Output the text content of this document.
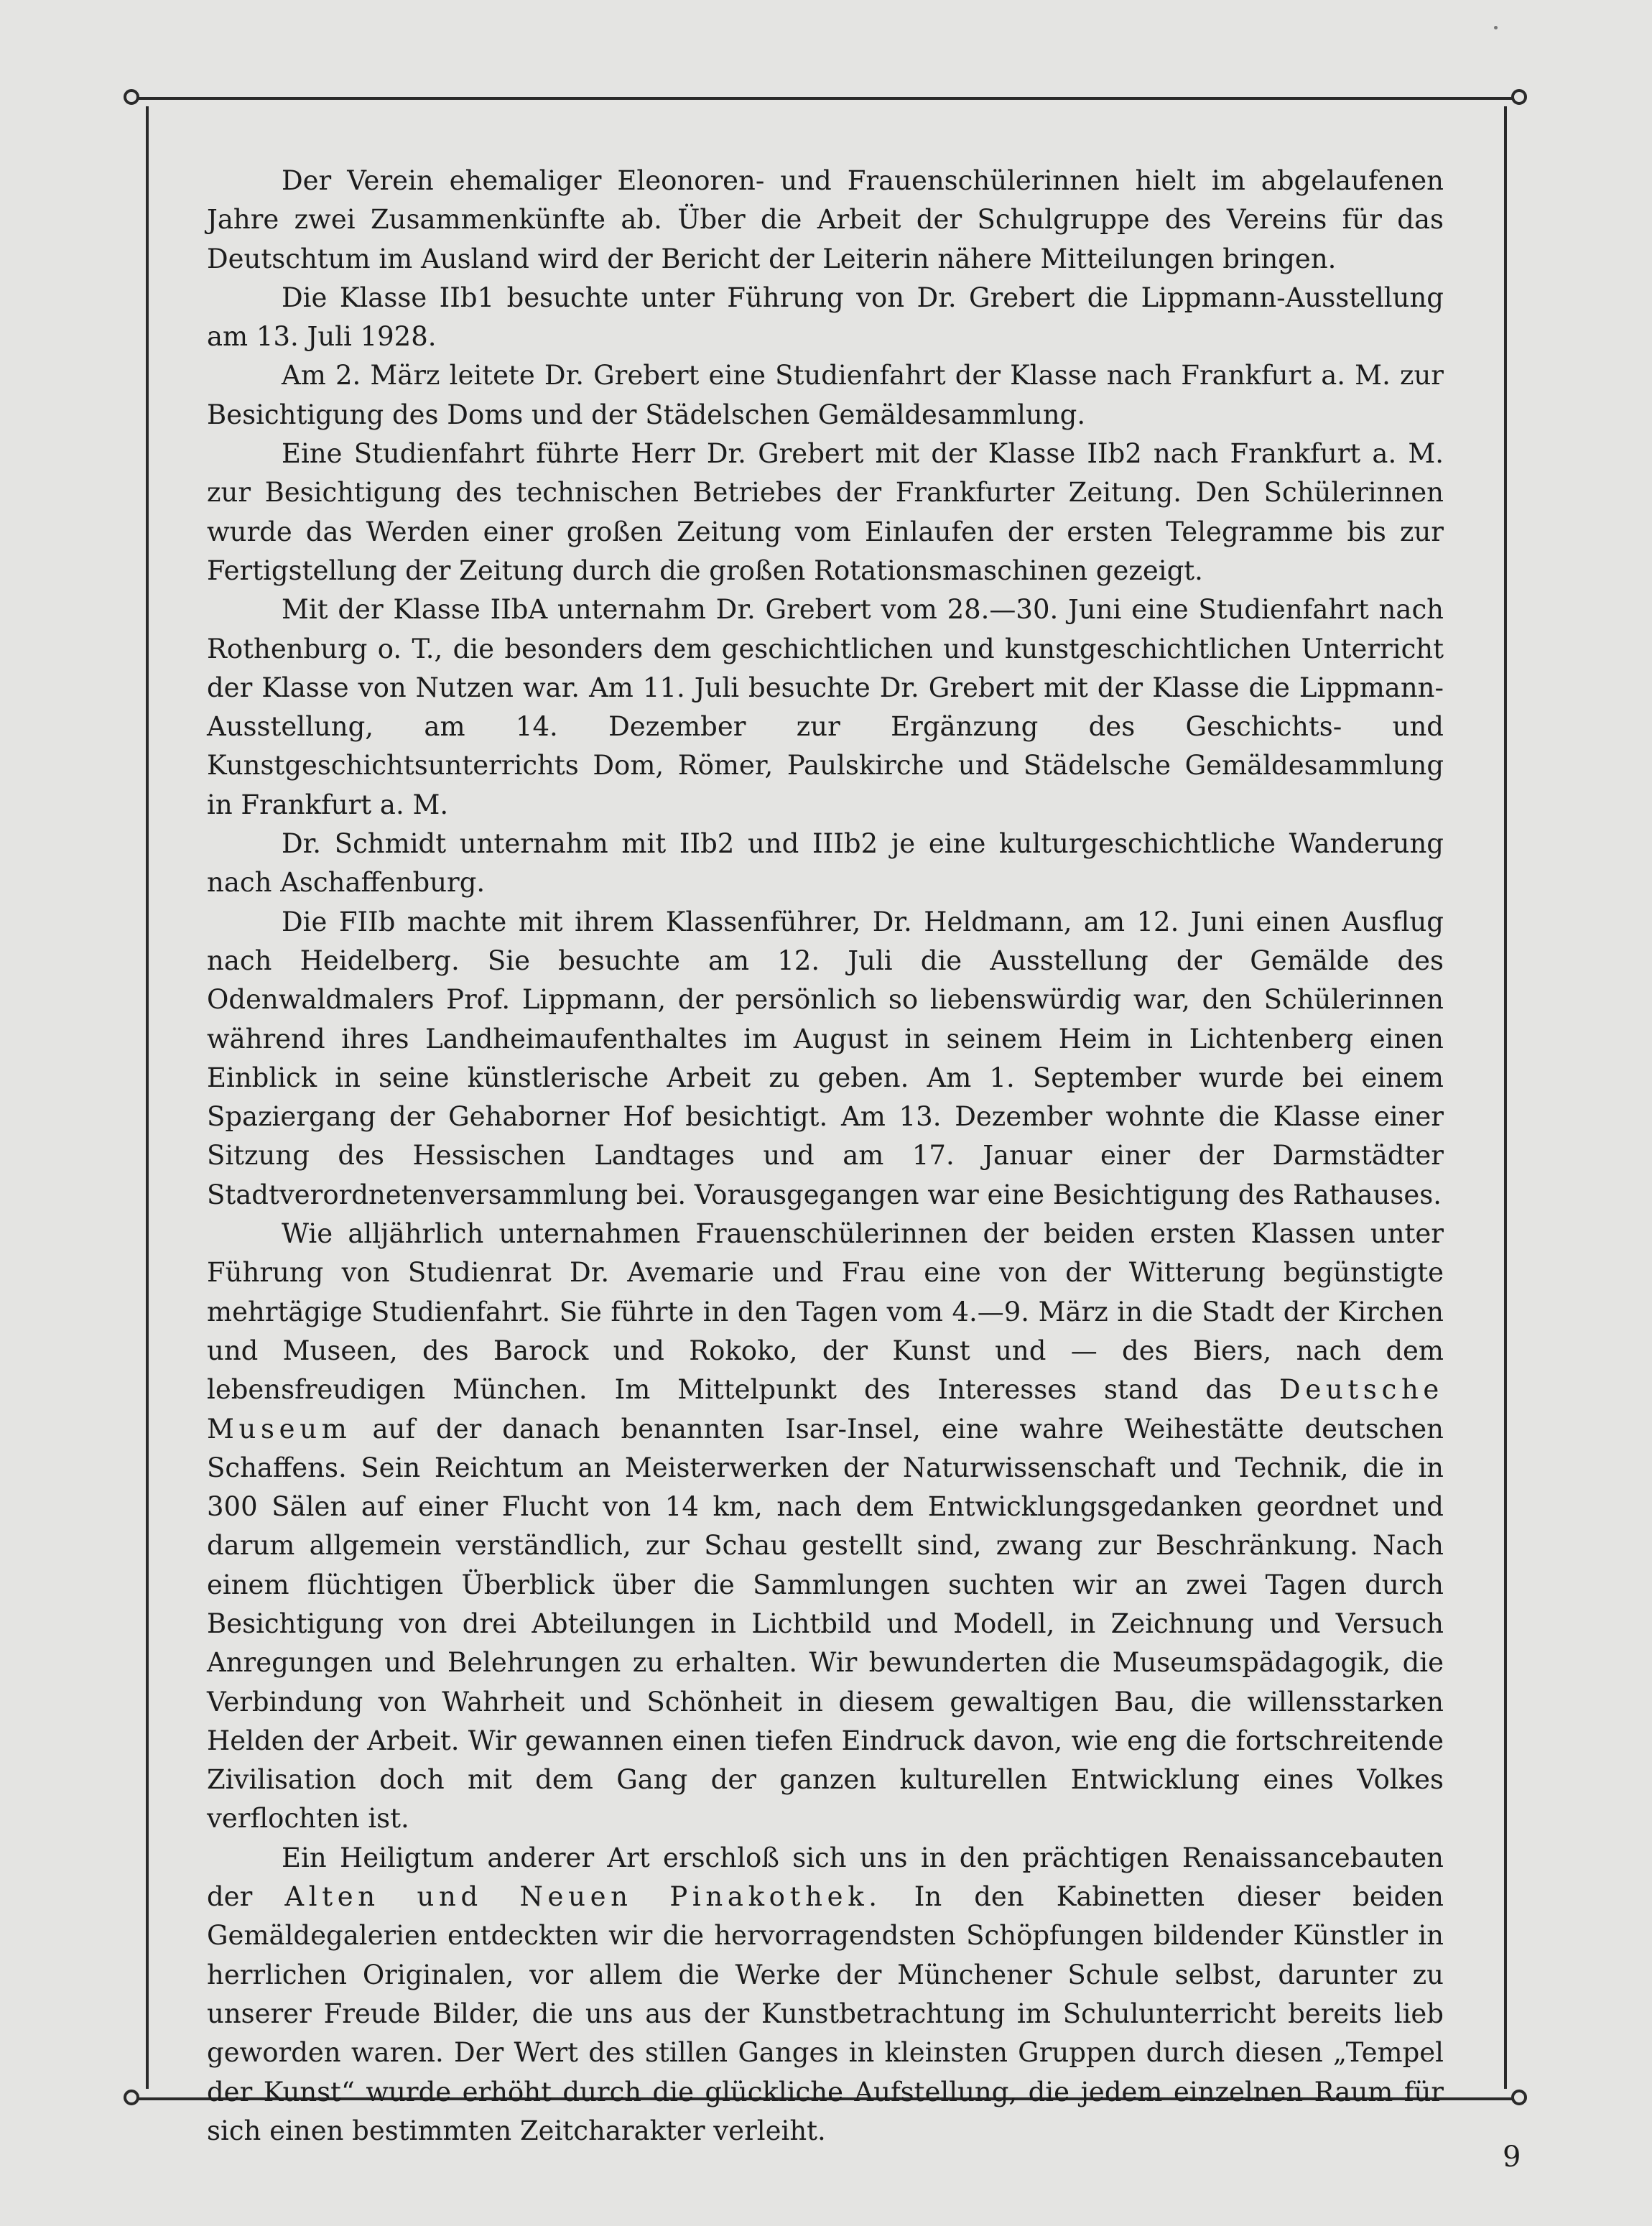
Der Verein ehemaliger Eleonoren- und Frauenschülerinnen hielt im abgelaufenen Jahre zwei Zusammenkünfte ab. Über die Arbeit der Schulgruppe des Vereins für das Deutschtum im Ausland wird der Bericht der Leiterin nähere Mitteilungen bringen.

Die Klasse IIb1 besuchte unter Führung von Dr. Grebert die Lippmann-Ausstellung am 13. Juli 1928.

Am 2. März leitete Dr. Grebert eine Studienfahrt der Klasse nach Frankfurt a. M. zur Besichtigung des Doms und der Städelschen Gemäldesammlung.

Eine Studienfahrt führte Herr Dr. Grebert mit der Klasse IIb2 nach Frankfurt a. M. zur Besichtigung des technischen Betriebes der Frankfurter Zeitung. Den Schülerinnen wurde das Werden einer großen Zeitung vom Einlaufen der ersten Telegramme bis zur Fertigstellung der Zeitung durch die großen Rotationsmaschinen gezeigt.

Mit der Klasse IIbA unternahm Dr. Grebert vom 28.—30. Juni eine Studienfahrt nach Rothenburg o. T., die besonders dem geschichtlichen und kunstgeschichtlichen Unterricht der Klasse von Nutzen war. Am 11. Juli besuchte Dr. Grebert mit der Klasse die Lippmann-Ausstellung, am 14. Dezember zur Ergänzung des Geschichts- und Kunstgeschichtsunterrichts Dom, Römer, Paulskirche und Städelsche Gemäldesammlung in Frankfurt a. M.

Dr. Schmidt unternahm mit IIb2 und IIIb2 je eine kulturgeschichtliche Wanderung nach Aschaffenburg.

Die FIIb machte mit ihrem Klassenführer, Dr. Heldmann, am 12. Juni einen Ausflug nach Heidelberg. Sie besuchte am 12. Juli die Ausstellung der Gemälde des Odenwaldmalers Prof. Lippmann, der persönlich so liebenswürdig war, den Schülerinnen während ihres Landheimaufenthaltes im August in seinem Heim in Lichtenberg einen Einblick in seine künstlerische Arbeit zu geben. Am 1. September wurde bei einem Spaziergang der Gehaborner Hof besichtigt. Am 13. Dezember wohnte die Klasse einer Sitzung des Hessischen Landtages und am 17. Januar einer der Darmstädter Stadtverordnetenversammlung bei. Vorausgegangen war eine Besichtigung des Rathauses.

Wie alljährlich unternahmen Frauenschülerinnen der beiden ersten Klassen unter Führung von Studienrat Dr. Avemarie und Frau eine von der Witterung begünstigte mehrtägige Studienfahrt. Sie führte in den Tagen vom 4.—9. März in die Stadt der Kirchen und Museen, des Barock und Rokoko, der Kunst und — des Biers, nach dem lebensfreudigen München. Im Mittelpunkt des Interesses stand das Deutsche Museum auf der danach benannten Isar-Insel, eine wahre Weihestätte deutschen Schaffens. Sein Reichtum an Meisterwerken der Naturwissenschaft und Technik, die in 300 Sälen auf einer Flucht von 14 km, nach dem Entwicklungsgedanken geordnet und darum allgemein verständlich, zur Schau gestellt sind, zwang zur Beschränkung. Nach einem flüchtigen Überblick über die Sammlungen suchten wir an zwei Tagen durch Besichtigung von drei Abteilungen in Lichtbild und Modell, in Zeichnung und Versuch Anregungen und Belehrungen zu erhalten. Wir bewunderten die Museumspädagogik, die Verbindung von Wahrheit und Schönheit in diesem gewaltigen Bau, die willensstarken Helden der Arbeit. Wir gewannen einen tiefen Eindruck davon, wie eng die fortschreitende Zivilisation doch mit dem Gang der ganzen kulturellen Entwicklung eines Volkes verflochten ist.

Ein Heiligtum anderer Art erschloß sich uns in den prächtigen Renaissancebauten der Alten und Neuen Pinakothek. In den Kabinetten dieser beiden Gemäldegalerien entdeckten wir die hervorragendsten Schöpfungen bildender Künstler in herrlichen Originalen, vor allem die Werke der Münchener Schule selbst, darunter zu unserer Freude Bilder, die uns aus der Kunstbetrachtung im Schulunterricht bereits lieb geworden waren. Der Wert des stillen Ganges in kleinsten Gruppen durch diesen „Tempel der Kunst“ wurde erhöht durch die glückliche Aufstellung, die jedem einzelnen Raum für sich einen bestimmten Zeitcharakter verleiht.

9
